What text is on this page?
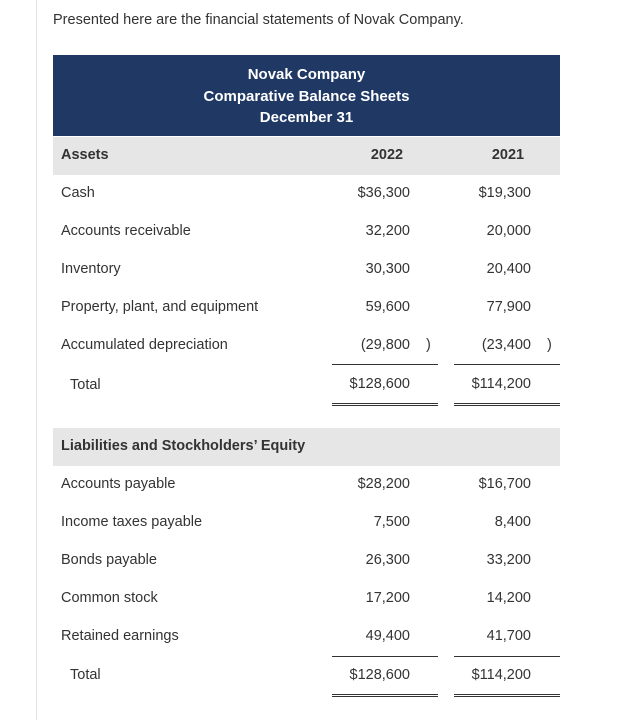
Presented here are the financial statements of Novak Company.
Novak Company
Comparative Balance Sheets
December 31
Assets	2022	2021
Cash	$36,300	$19,300
Accounts receivable	32,200	20,000
Inventory	30,300	20,400
Property, plant, and equipment	59,600	77,900
Accumulated depreciation	(29,800 )	(23,400 )
Total	$128,600	$114,200
Liabilities and Stockholders’ Equity
Accounts payable	$28,200	$16,700
Income taxes payable	7,500	8,400
Bonds payable	26,300	33,200
Common stock	17,200	14,200
Retained earnings	49,400	41,700
Total	$128,600	$114,200
